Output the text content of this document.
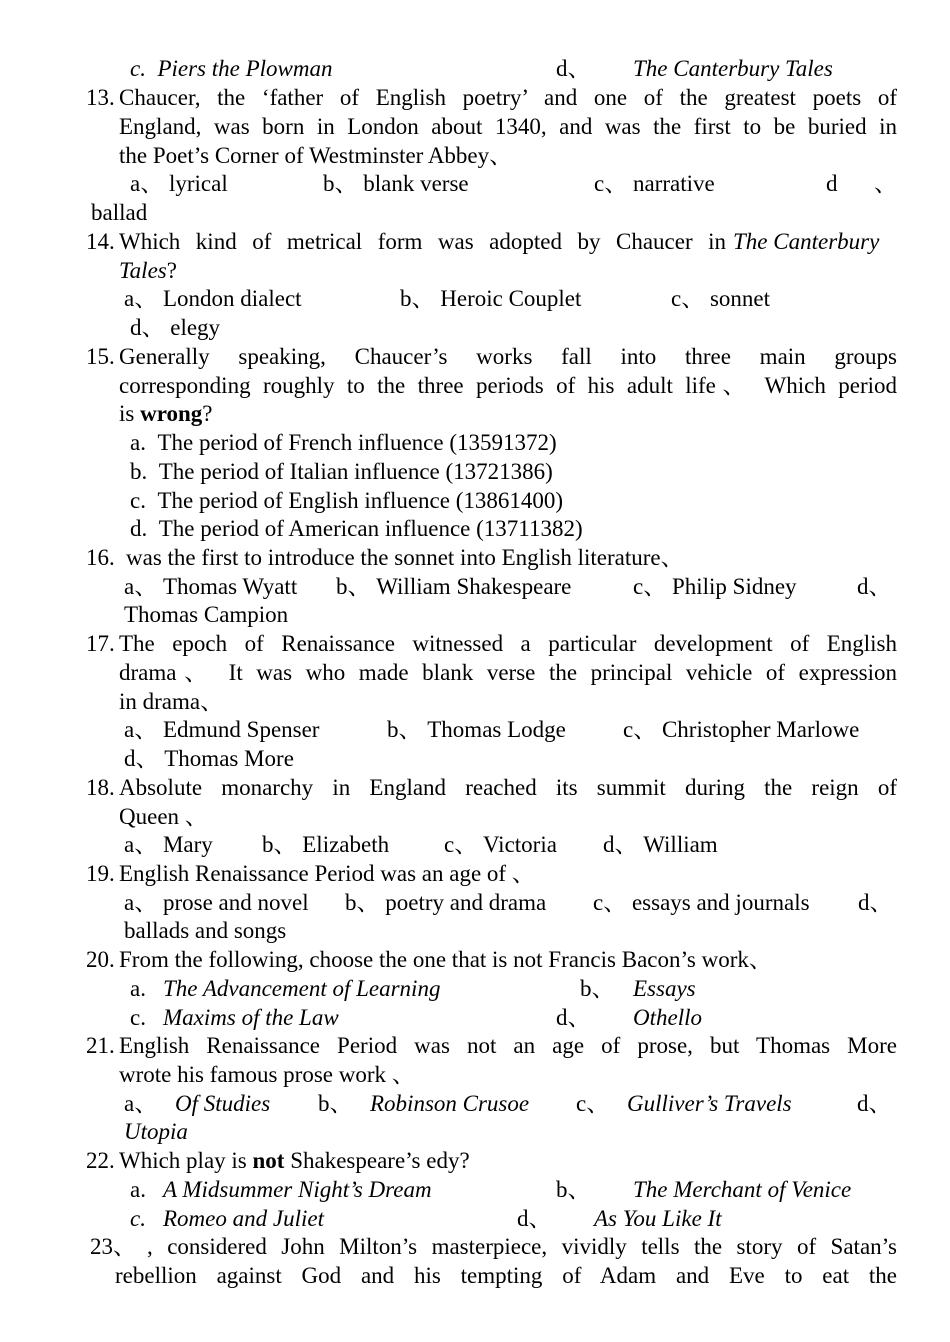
c.  Piers the Plowman	d、 The Canterbury Tales
13. Chaucer, the ‘father of English poetry’ and one of the greatest poets of
England, was born in London about 1340, and was the first to be buried in
the Poet’s Corner of Westminster Abbey、
a、 lyrical	b、 blank verse	c、 narrative	d 、
ballad
14. Which kind of metrical form was adopted by Chaucer in The Canterbury
Tales?
a、 London dialect	b、 Heroic Couplet	c、 sonnet
d、 elegy
15. Generally speaking, Chaucer’s works fall into three main groups
corresponding roughly to the three periods of his adult life、 Which period
is wrong?
a.  The period of French influence (13591372)
b.  The period of Italian influence (13721386)
c.  The period of English influence (13861400)
d.  The period of American influence (13711382)
16. was the first to introduce the sonnet into English literature、
a、 Thomas Wyatt b、 William Shakespeare	c、 Philip Sidney	d、
Thomas Campion
17. The epoch of Renaissance witnessed a particular development of English
drama、 It was who made blank verse the principal vehicle of expression
in drama、
a、 Edmund Spenser	b、 Thomas Lodge c、 Christopher Marlowe
d、 Thomas More
18. Absolute monarchy in England reached its summit during the reign of
Queen 、
a、 Mary b、 Elizabeth c、 Victoria d、 William
19. English Renaissance Period was an age of 、
a、 prose and novel b、 poetry and drama c、 essays and journals d、
ballads and songs
20. From the following, choose the one that is not Francis Bacon’s work、
a. The Advancement of Learning	b、 Essays
c. Maxims of the Law	d、 Othello
21. English Renaissance Period was not an age of prose, but Thomas More
wrote his famous prose work 、
a、 Of Studies b、 Robinson Crusoe c、 Gulliver’s Travels	d、
Utopia
22. Which play is not Shakespeare’s edy?
a. A Midsummer Night’s Dream	b、 The Merchant of Venice
c. Romeo and Juliet	d、 As You Like It
23、 , considered John Milton’s masterpiece, vividly tells the story of Satan’s
rebellion against God and his tempting of Adam and Eve to eat the
